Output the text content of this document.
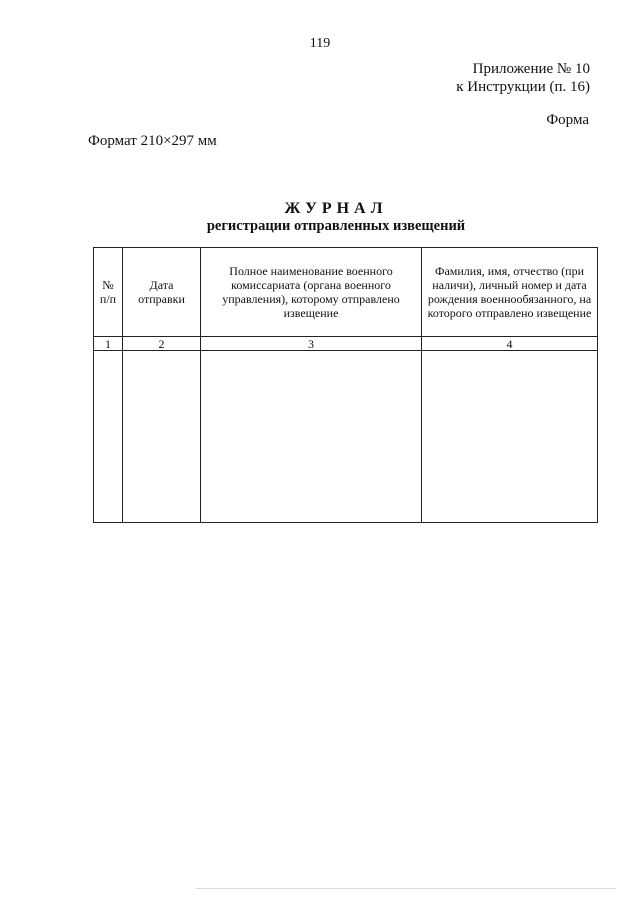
119
Приложение № 10
к Инструкции (п. 16)
Форма
Формат 210×297 мм
ЖУРНАЛ
регистрации отправленных извещений
№ п/п	Дата отправки	Полное наименование военного комиссариата (органа военного управления), которому отправлено извещение	Фамилия, имя, отчество (при наличи), личный номер и дата рождения военнообязанного, на которого отправлено извещение
1	2	3	4
